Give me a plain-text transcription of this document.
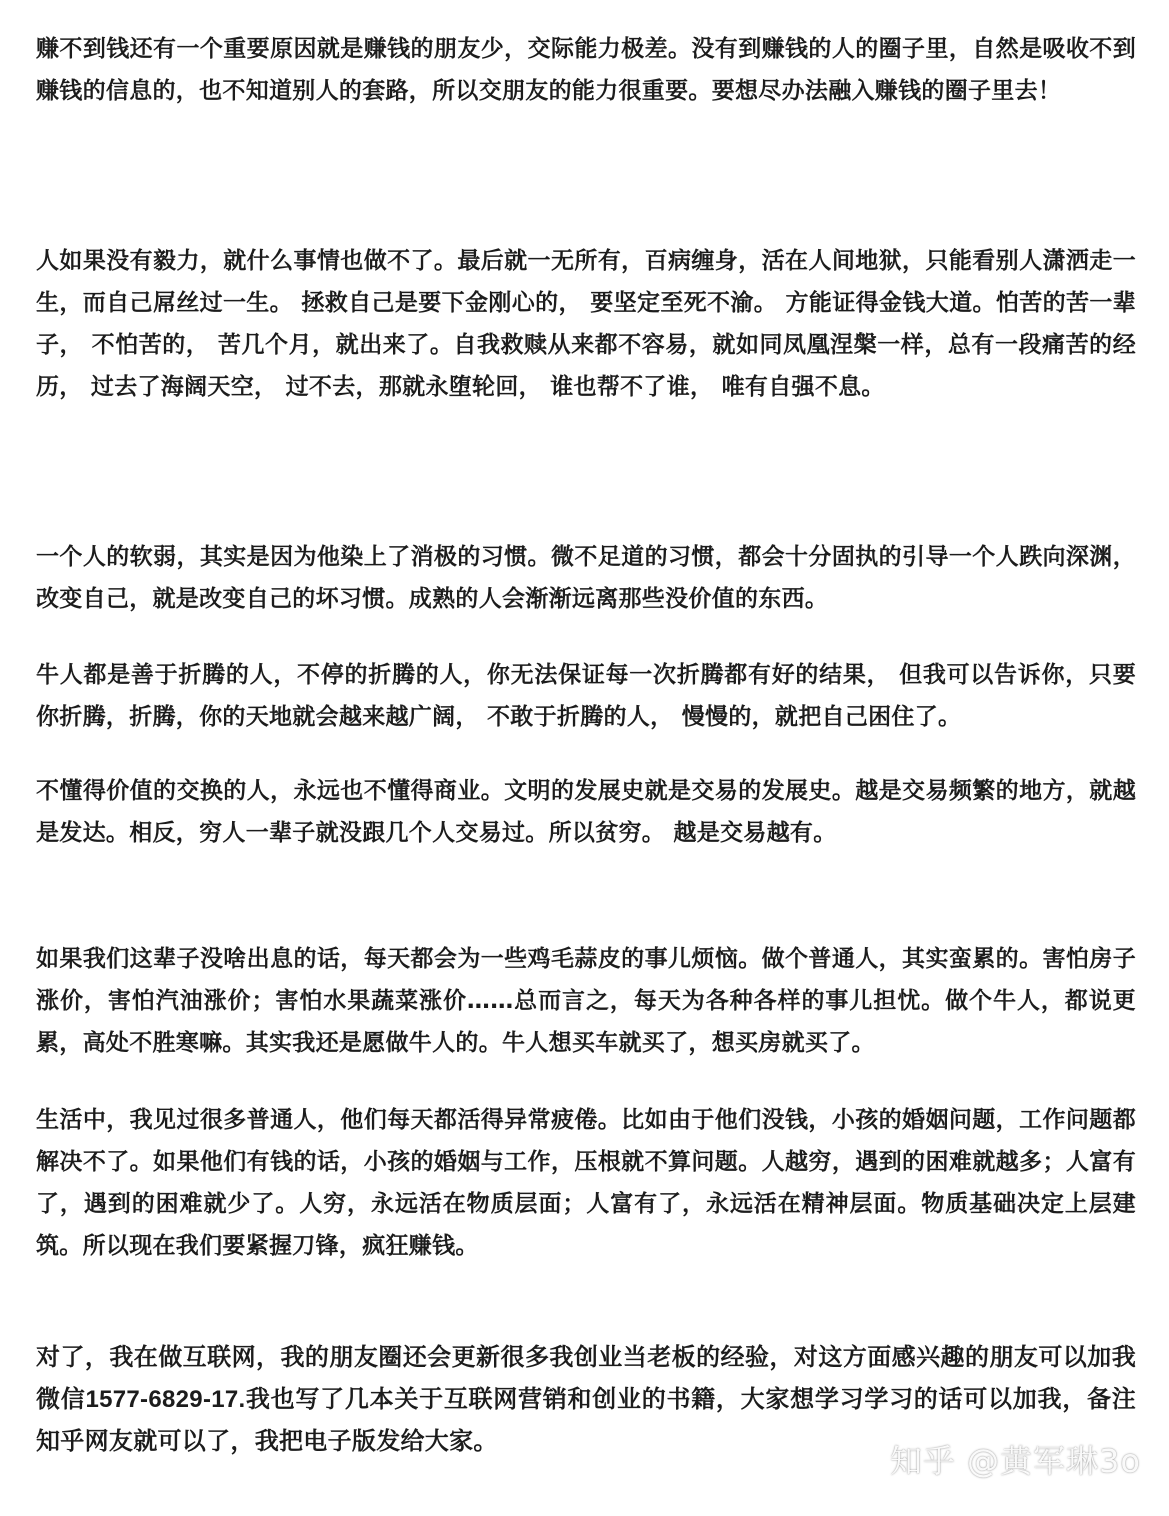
赚不到钱还有一个重要原因就是赚钱的朋友少，交际能力极差。没有到赚钱的人的圈子里，自然是吸收不到赚钱的信息的，也不知道别人的套路，所以交朋友的能力很重要。要想尽办法融入赚钱的圈子里去！

人如果没有毅力，就什么事情也做不了。最后就一无所有，百病缠身，活在人间地狱，只能看别人潇洒走一生，而自己屌丝过一生。 拯救自己是要下金刚心的， 要坚定至死不渝。 方能证得金钱大道。怕苦的苦一辈子， 不怕苦的， 苦几个月，就出来了。自我救赎从来都不容易，就如同凤凰涅槃一样，总有一段痛苦的经历， 过去了海阔天空， 过不去，那就永堕轮回， 谁也帮不了谁， 唯有自强不息。

一个人的软弱，其实是因为他染上了消极的习惯。微不足道的习惯，都会十分固执的引导一个人跌向深渊， 改变自己，就是改变自己的坏习惯。成熟的人会渐渐远离那些没价值的东西。

牛人都是善于折腾的人，不停的折腾的人，你无法保证每一次折腾都有好的结果， 但我可以告诉你，只要你折腾，折腾，你的天地就会越来越广阔， 不敢于折腾的人， 慢慢的，就把自己困住了。

不懂得价值的交换的人，永远也不懂得商业。文明的发展史就是交易的发展史。越是交易频繁的地方，就越是发达。相反，穷人一辈子就没跟几个人交易过。所以贫穷。 越是交易越有。

如果我们这辈子没啥出息的话，每天都会为一些鸡毛蒜皮的事儿烦恼。做个普通人，其实蛮累的。害怕房子涨价，害怕汽油涨价；害怕水果蔬菜涨价……总而言之，每天为各种各样的事儿担忧。做个牛人，都说更累，高处不胜寒嘛。其实我还是愿做牛人的。牛人想买车就买了，想买房就买了。

生活中，我见过很多普通人，他们每天都活得异常疲倦。比如由于他们没钱，小孩的婚姻问题，工作问题都解决不了。如果他们有钱的话，小孩的婚姻与工作，压根就不算问题。人越穷，遇到的困难就越多；人富有了，遇到的困难就少了。人穷，永远活在物质层面；人富有了，永远活在精神层面。物质基础决定上层建筑。所以现在我们要紧握刀锋，疯狂赚钱。

对了，我在做互联网，我的朋友圈还会更新很多我创业当老板的经验，对这方面感兴趣的朋友可以加我微信1577-6829-17.我也写了几本关于互联网营销和创业的书籍，大家想学习学习的话可以加我，备注知乎网友就可以了，我把电子版发给大家。

知乎 @黄军琳3o
